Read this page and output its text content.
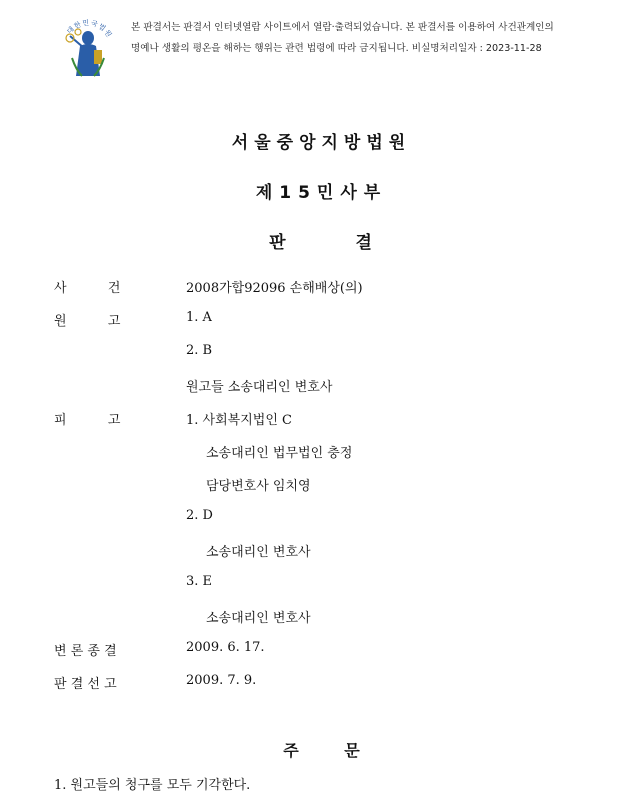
대한민국법원
본 판결서는 판결서 인터넷열람 사이트에서 열람·출력되었습니다. 본 판결서를 이용하여 사건관계인의
명예나 생활의 평온을 해하는 행위는 관련 법령에 따라 금지됩니다. 비실명처리일자 : 2023-11-28
서울중앙지방법원
제15민사부
판 결
사          건	2008가합92096 손해배상(의)
원          고	1. A
2. B
원고들 소송대리인 변호사
피          고	1. 사회복지법인 C
소송대리인 법무법인 충정
담당변호사 임치영
2. D
소송대리인 변호사
3. E
소송대리인 변호사
변 론 종 결	2009. 6. 17.
판 결 선 고	2009. 7. 9.
주 문
1. 원고들의 청구를 모두 기각한다.
